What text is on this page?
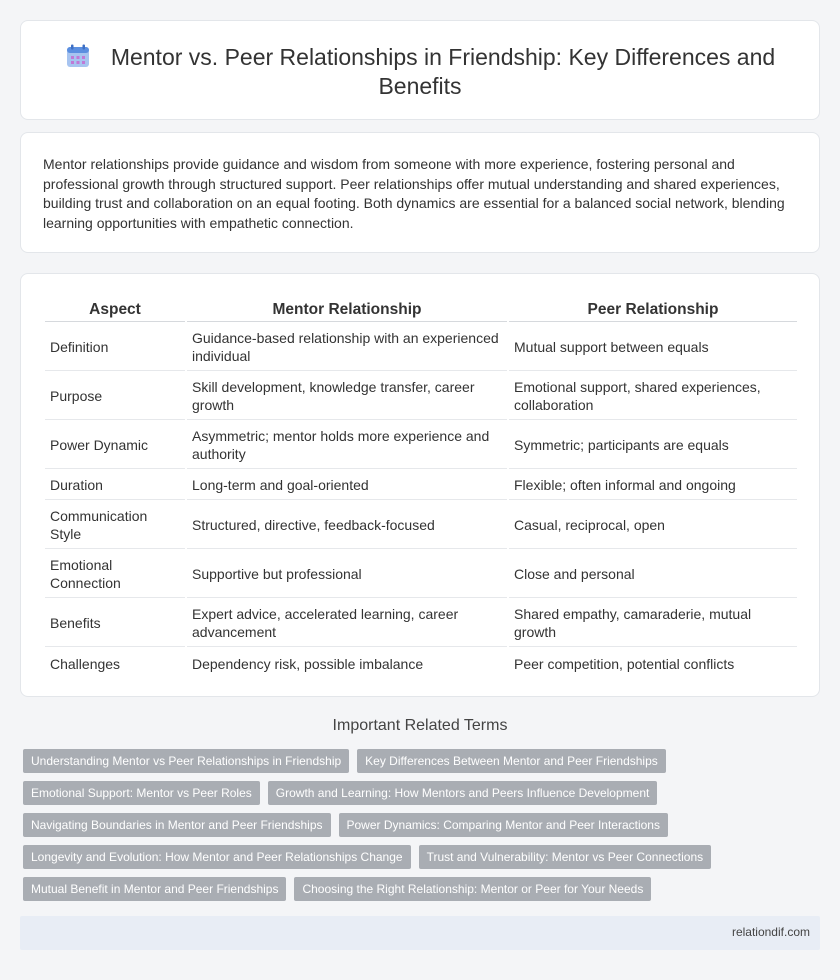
Mentor vs. Peer Relationships in Friendship: Key Differences and Benefits

Mentor relationships provide guidance and wisdom from someone with more experience, fostering personal and professional growth through structured support. Peer relationships offer mutual understanding and shared experiences, building trust and collaboration on an equal footing. Both dynamics are essential for a balanced social network, blending learning opportunities with empathetic connection.

Aspect	Mentor Relationship	Peer Relationship
Definition	Guidance-based relationship with an experienced individual	Mutual support between equals
Purpose	Skill development, knowledge transfer, career growth	Emotional support, shared experiences, collaboration
Power Dynamic	Asymmetric; mentor holds more experience and authority	Symmetric; participants are equals
Duration	Long-term and goal-oriented	Flexible; often informal and ongoing
Communication Style	Structured, directive, feedback-focused	Casual, reciprocal, open
Emotional Connection	Supportive but professional	Close and personal
Benefits	Expert advice, accelerated learning, career advancement	Shared empathy, camaraderie, mutual growth
Challenges	Dependency risk, possible imbalance	Peer competition, potential conflicts
Important Related Terms
Understanding Mentor vs Peer Relationships in Friendship	Key Differences Between Mentor and Peer Friendships
Emotional Support: Mentor vs Peer Roles	Growth and Learning: How Mentors and Peers Influence Development
Navigating Boundaries in Mentor and Peer Friendships	Power Dynamics: Comparing Mentor and Peer Interactions
Longevity and Evolution: How Mentor and Peer Relationships Change	Trust and Vulnerability: Mentor vs Peer Connections
Mutual Benefit in Mentor and Peer Friendships	Choosing the Right Relationship: Mentor or Peer for Your Needs
relationdif.com
